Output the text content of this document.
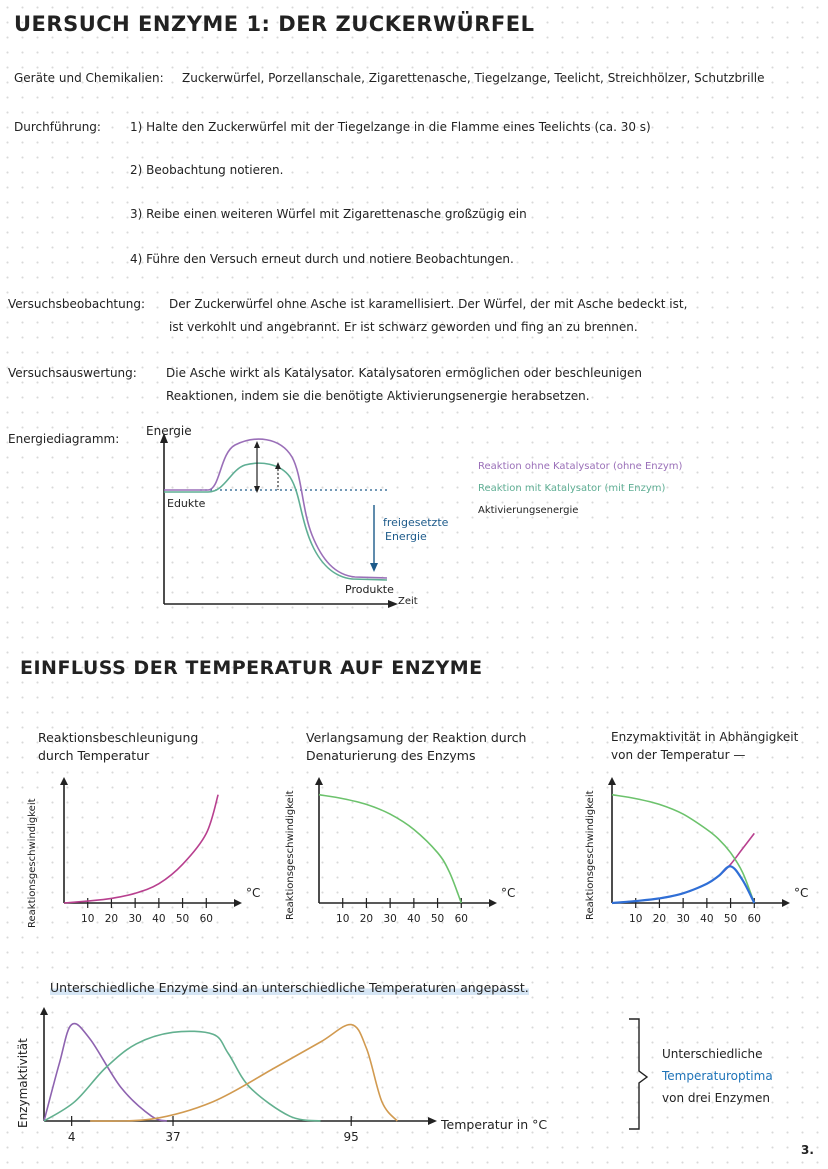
UERSUCH ENZYME 1: DER ZUCKERWÜRFEL
Geräte und Chemikalien: Zuckerwürfel, Porzellanschale, Zigarettenasche, Tiegelzange, Teelicht, Streichhölzer, Schutzbrille
Durchführung: 1) Halte den Zuckerwürfel mit der Tiegelzange in die Flamme eines Teelichts (ca. 30 s)
2) Beobachtung notieren.
3) Reibe einen weiteren Würfel mit Zigarettenasche großzügig ein
4) Führe den Versuch erneut durch und notiere Beobachtungen.
Versuchsbeobachtung: Der Zuckerwürfel ohne Asche ist karamellisiert. Der Würfel, der mit Asche bedeckt ist,
ist verkohlt und angebrannt. Er ist schwarz geworden und fing an zu brennen.
Versuchsauswertung: Die Asche wirkt als Katalysator. Katalysatoren ermöglichen oder beschleunigen
Reaktionen, indem sie die benötigte Aktivierungsenergie herabsetzen.
Energiediagramm:
Energie
Edukte
Produkte
Zeit
freigesetzte
Energie
Reaktion ohne Katalysator (ohne Enzym)
Reaktion mit Katalysator (mit Enzym)
Aktivierungsenergie
EINFLUSS DER TEMPERATUR AUF ENZYME
Reaktionsbeschleunigung
durch Temperatur
Verlangsamung der Reaktion durch
Denaturierung des Enzyms
Enzymaktivität in Abhängigkeit
von der Temperatur —
Reaktionsgeschwindigkeit	Reaktionsgeschwindigkeit	Reaktionsgeschwindigkeit
10 20 30 40 50 60
°C
10 20 30 40 50 60
°C
10 20 30 40 50 60
°C
Unterschiedliche Enzyme sind an unterschiedliche Temperaturen angepasst.
Enzymaktivität
4	37	95
Temperatur in °C
Unterschiedliche
Temperaturoptima
von drei Enzymen
3.
